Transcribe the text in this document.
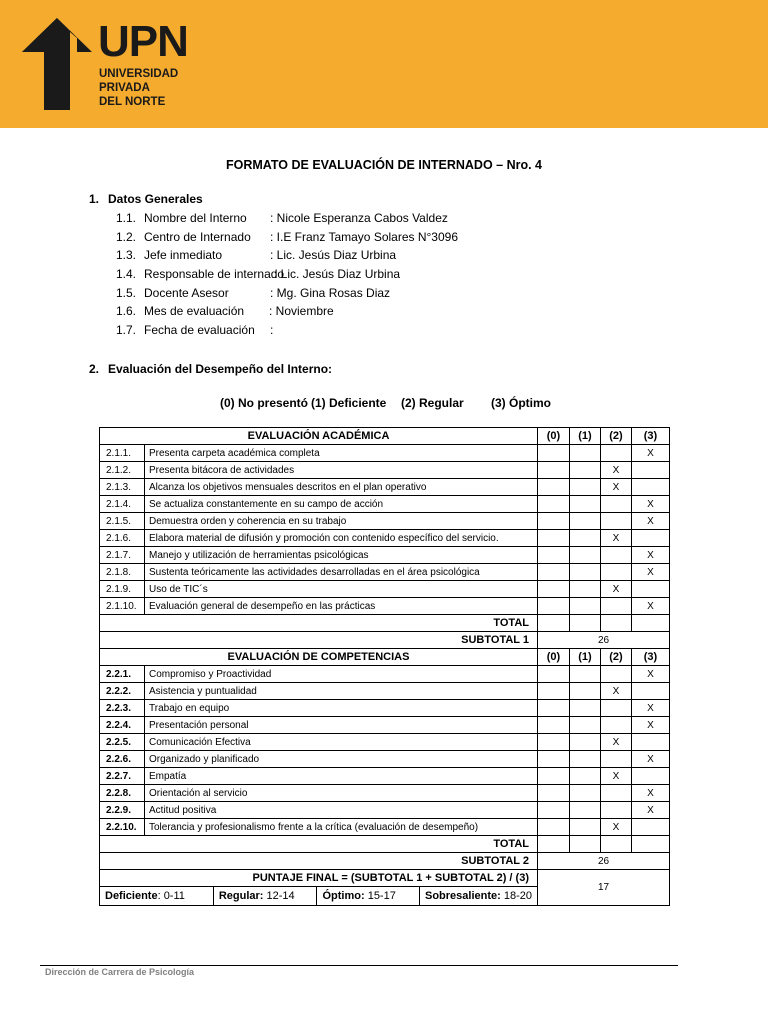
UPN
UNIVERSIDAD
PRIVADA
DEL NORTE
FORMATO DE EVALUACIÓN DE INTERNADO – Nro. 4
1. Datos Generales
1.1. Nombre del Interno : Nicole Esperanza Cabos Valdez
1.2. Centro de Internado : I.E Franz Tamayo Solares N°3096
1.3. Jefe inmediato	: Lic. Jesús Diaz Urbina
1.4. Responsable de internado
: Lic. Jesús Diaz Urbina
1.5. Docente Asesor	: Mg. Gina Rosas Diaz
1.6. Mes de evaluación : Noviembre
1.7. Fecha de evaluación :
2. Evaluación del Desempeño del Interno:
(0) No presentó (1) Deficiente (2) Regular (3) Óptimo
EVALUACIÓN ACADÉMICA	(0)	(1)	(2)	(3)
2.1.1.	Presenta carpeta académica completa				X
2.1.2.	Presenta bitácora de actividades			X	
2.1.3.	Alcanza los objetivos mensuales descritos en el plan operativo			X	
2.1.4.	Se actualiza constantemente en su campo de acción				X
2.1.5.	Demuestra orden y coherencia en su trabajo				X
2.1.6.	Elabora material de difusión y promoción con contenido específico del servicio.			X	
2.1.7.	Manejo y utilización de herramientas psicológicas				X
2.1.8.	Sustenta teóricamente las actividades desarrolladas en el área psicológica				X
2.1.9.	Uso de TIC´s			X	
2.1.10.	Evaluación general de desempeño en las prácticas				X
TOTAL				
SUBTOTAL 1	26
EVALUACIÓN DE COMPETENCIAS	(0)	(1)	(2)	(3)
2.2.1.	Compromiso y Proactividad				X
2.2.2.	Asistencia y puntualidad			X	
2.2.3.	Trabajo en equipo				X
2.2.4.	Presentación personal				X
2.2.5.	Comunicación Efectiva			X	
2.2.6.	Organizado y planificado				X
2.2.7.	Empatía			X	
2.2.8.	Orientación al servicio				X
2.2.9.	Actitud positiva				X
2.2.10.	Tolerancia y profesionalismo frente a la crítica (evaluación de desempeño)			X	
TOTAL				
SUBTOTAL 2	26
PUNTAJE FINAL = (SUBTOTAL 1 + SUBTOTAL 2) / (3)	17

Deficiente: 0-11	Regular: 12-14	Óptimo: 15-17	Sobresaliente: 18-20
Dirección de Carrera de Psicología
